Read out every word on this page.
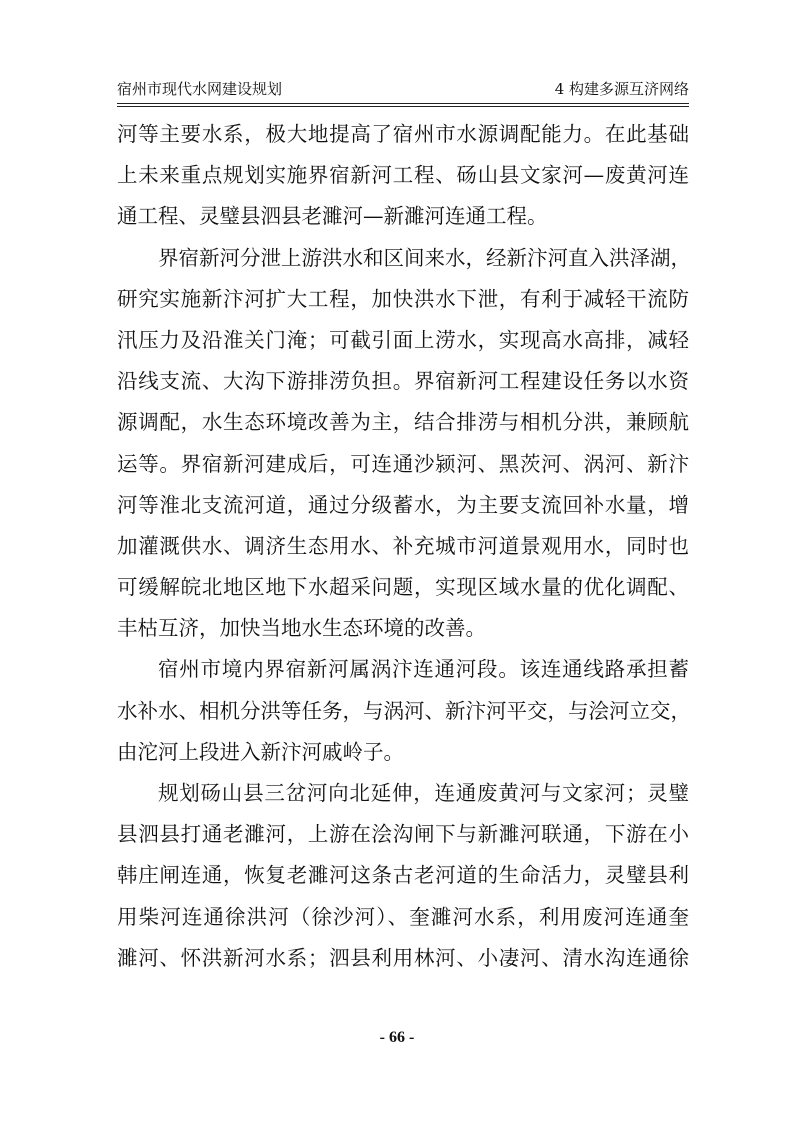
宿州市现代水网建设规划	4 构建多源互济网络
河等主要水系，极大地提高了宿州市水源调配能力。在此基础
上未来重点规划实施界宿新河工程、砀山县文家河—废黄河连
通工程、灵璧县泗县老濉河—新濉河连通工程。
界宿新河分泄上游洪水和区间来水，经新汴河直入洪泽湖，
研究实施新汴河扩大工程，加快洪水下泄，有利于减轻干流防
汛压力及沿淮关门淹；可截引面上涝水，实现高水高排，减轻
沿线支流、大沟下游排涝负担。界宿新河工程建设任务以水资
源调配，水生态环境改善为主，结合排涝与相机分洪，兼顾航
运等。界宿新河建成后，可连通沙颍河、黑茨河、涡河、新汴
河等淮北支流河道，通过分级蓄水，为主要支流回补水量，增
加灌溉供水、调济生态用水、补充城市河道景观用水，同时也
可缓解皖北地区地下水超采问题，实现区域水量的优化调配、
丰枯互济，加快当地水生态环境的改善。
宿州市境内界宿新河属涡汴连通河段。该连通线路承担蓄
水补水、相机分洪等任务，与涡河、新汴河平交，与浍河立交，
由沱河上段进入新汴河戚岭子。
规划砀山县三岔河向北延伸，连通废黄河与文家河；灵璧
县泗县打通老濉河，上游在浍沟闸下与新濉河联通，下游在小
韩庄闸连通，恢复老濉河这条古老河道的生命活力，灵璧县利
用柴河连通徐洪河（徐沙河）、奎濉河水系，利用废河连通奎
濉河、怀洪新河水系；泗县利用林河、小凄河、清水沟连通徐
- 66 -
